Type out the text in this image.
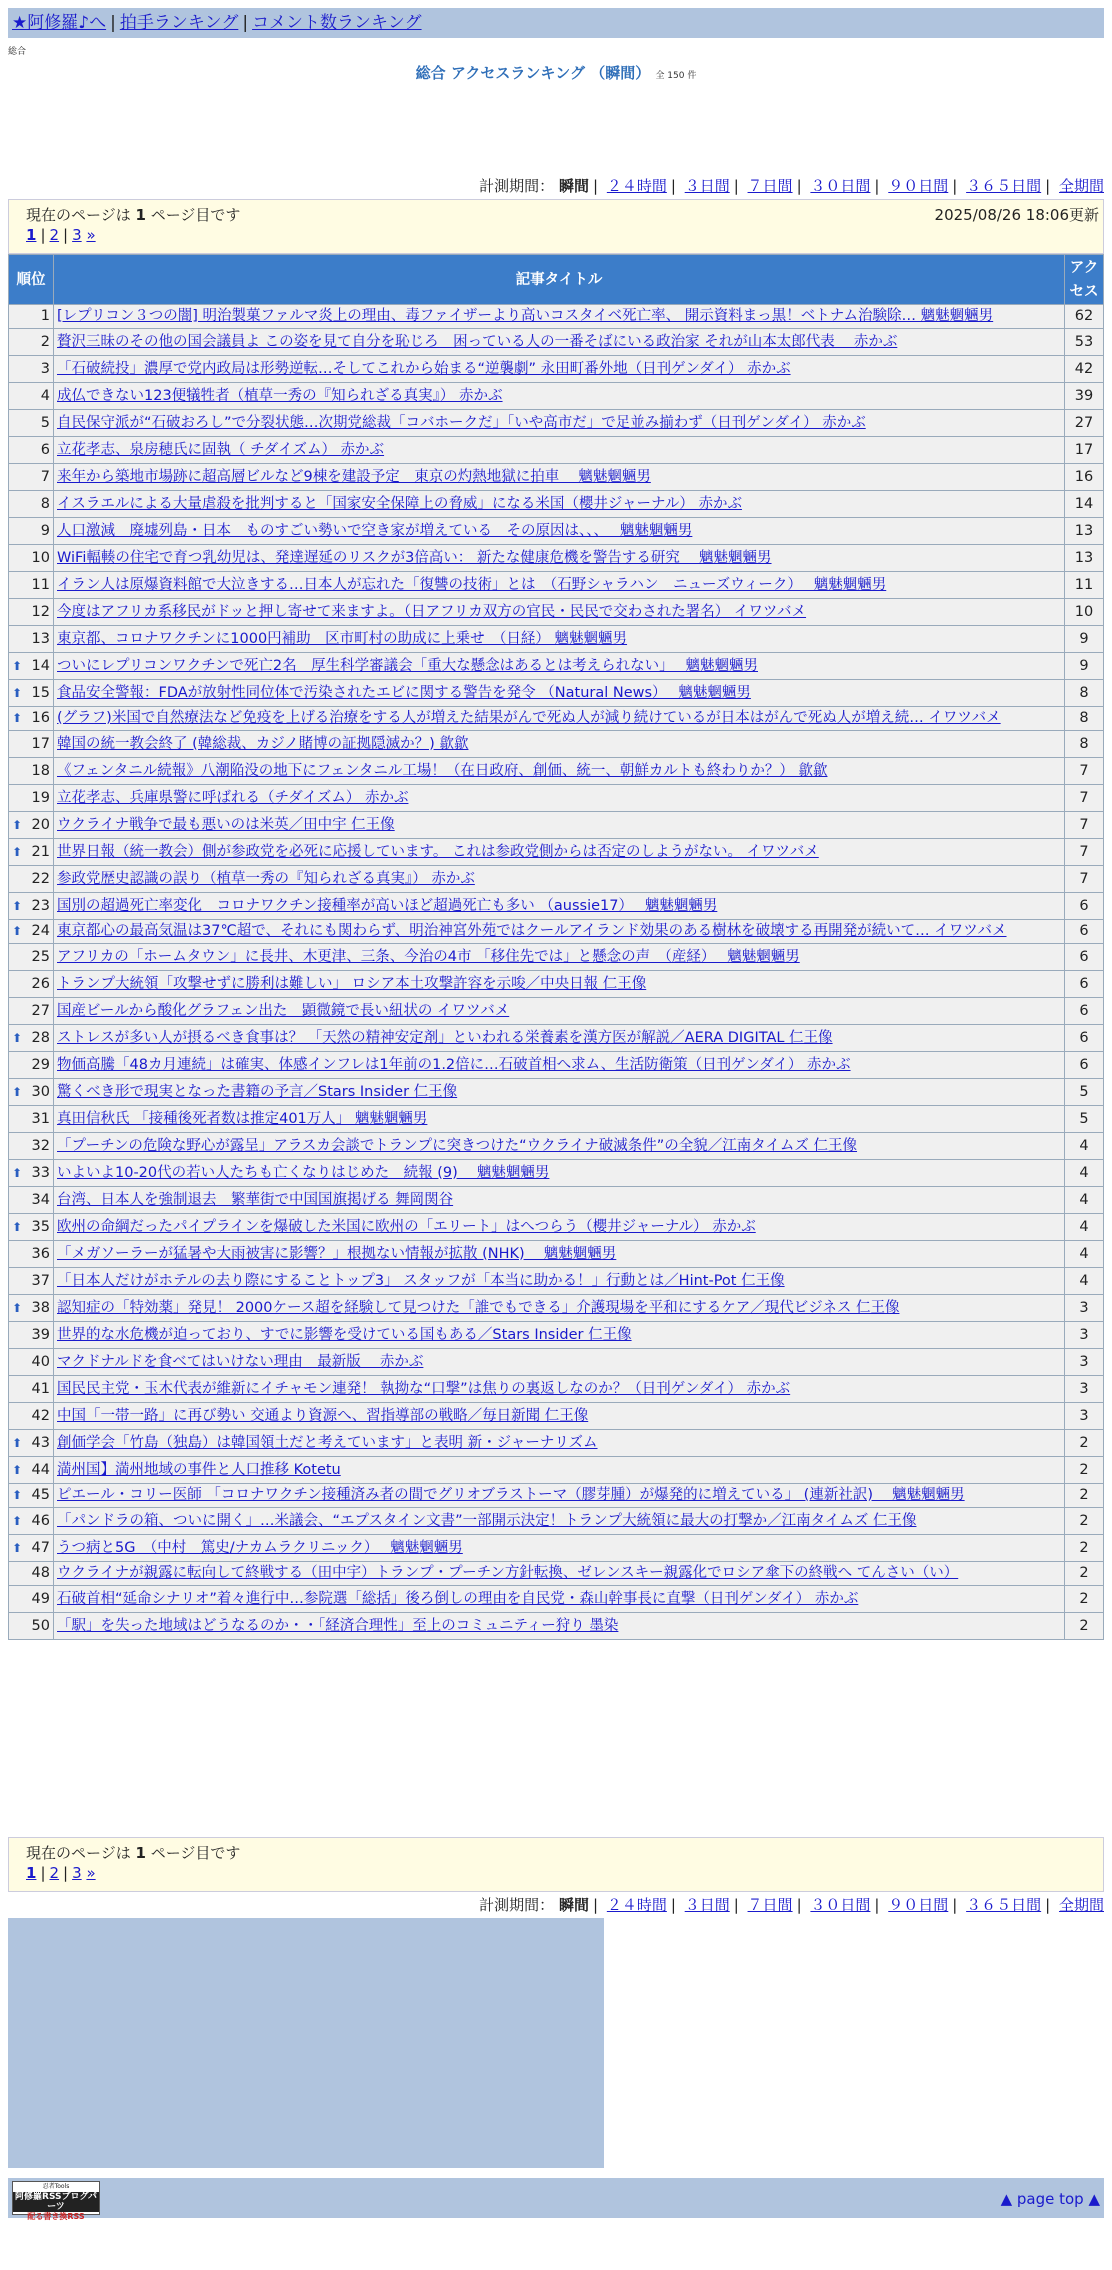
★阿修羅♪へ | 拍手ランキング | コメント数ランキング
総合
総合 アクセスランキング （瞬間） 全 150 件
計測期間： 瞬間 | ２４時間 | ３日間 | ７日間 | ３０日間 | ９０日間 | ３６５日間 | 全期間
現在のページは 1 ページ目です	2025/08/26 18:06更新
1 | 2 | 3 »
順位	記事タイトル	アクセス
1	[レプリコン３つの闇] 明治製菓ファルマ炎上の理由、毒ファイザーより高いコスタイベ死亡率、 開示資料まっ黒！ベトナム治験除… 魑魅魍魎男	62
2	贅沢三昧のその他の国会議員よ この姿を見て自分を恥じろ　困っている人の一番そばにいる政治家 それが山本太郎代表　 赤かぶ	53
3	「石破続投」濃厚で党内政局は形勢逆転…そしてこれから始まる“逆襲劇” 永田町番外地（日刊ゲンダイ） 赤かぶ	42
4	成仏できない123便犠牲者（植草一秀の『知られざる真実』） 赤かぶ	39
5	自民保守派が“石破おろし”で分裂状態…次期党総裁「コバホークだ」「いや高市だ」で足並み揃わず（日刊ゲンダイ） 赤かぶ	27
6	立花孝志、泉房穂氏に固執（ チダイズム） 赤かぶ	17
7	来年から築地市場跡に超高層ビルなど9棟を建設予定　東京の灼熱地獄に拍車　 魑魅魍魎男	16
8	イスラエルによる大量虐殺を批判すると「国家安全保障上の脅威」になる米国（櫻井ジャーナル） 赤かぶ	14
9	人口激減　廃墟列島・日本　ものすごい勢いで空き家が増えている　その原因は、、、　 魑魅魍魎男	13
10	WiFi輻輳の住宅で育つ乳幼児は、発達遅延のリスクが3倍高い： 新たな健康危機を警告する研究　 魑魅魍魎男	13
11	イラン人は原爆資料館で大泣きする…日本人が忘れた「復讐の技術」とは　（石野シャラハン　ニューズウィーク）　 魑魅魍魎男	11
12	今度はアフリカ系移民がドッと押し寄せて来ますよ。（日アフリカ双方の官民・民民で交わされた署名） イワツバメ	10
13	東京都、コロナワクチンに1000円補助　区市町村の助成に上乗せ　（日経） 魑魅魍魎男	9

⬆ 14	ついにレプリコンワクチンで死亡2名　厚生科学審議会「重大な懸念はあるとは考えられない」　 魑魅魍魎男	9

⬆ 15	食品安全警報：FDAが放射性同位体で汚染されたエビに関する警告を発令 （Natural News）　 魑魅魍魎男	8

⬆ 16	(グラフ)米国で自然療法など免疫を上げる治療をする人が増えた結果がんで死ぬ人が減り続けているが日本はがんで死ぬ人が増え続… イワツバメ	8
17	韓国の統一教会終了 (韓総裁、カジノ賭博の証拠隠滅か？) 歙歙	8
18	《フェンタニル続報》八潮陥没の地下にフェンタニル工場！（在日政府、創価、統一、朝鮮カルトも終わりか？） 歙歙	7
19	立花孝志、兵庫県警に呼ばれる（チダイズム） 赤かぶ	7

⬆ 20	ウクライナ戦争で最も悪いのは米英／田中宇 仁王像	7

⬆ 21	世界日報（統一教会）側が参政党を必死に応援しています。 これは参政党側からは否定のしようがない。 イワツバメ	7
22	参政党歴史認識の誤り（植草一秀の『知られざる真実』） 赤かぶ	7

⬆ 23	国別の超過死亡率変化　コロナワクチン接種率が高いほど超過死亡も多い （aussie17）　 魑魅魍魎男	6

⬆ 24	東京都心の最高気温は37℃超で、それにも関わらず、明治神宮外苑ではクールアイランド効果のある樹林を破壊する再開発が続いて… イワツバメ	6
25	アフリカの「ホームタウン」に長井、木更津、三条、今治の4市 「移住先では」と懸念の声　（産経）　 魑魅魍魎男	6
26	トランプ大統領「攻撃せずに勝利は難しい」 ロシア本土攻撃許容を示唆／中央日報 仁王像	6
27	国産ビールから酸化グラフェン出た　顕微鏡で長い紐状の イワツバメ	6

⬆ 28	ストレスが多い人が摂るべき食事は？ 「天然の精神安定剤」といわれる栄養素を漢方医が解説／AERA DIGITAL 仁王像	6
29	物価高騰「48カ月連続」は確実、体感インフレは1年前の1.2倍に…石破首相へ求ム、生活防衛策（日刊ゲンダイ） 赤かぶ	6

⬆ 30	驚くべき形で現実となった書籍の予言／Stars Insider 仁王像	5
31	真田信秋氏 「接種後死者数は推定401万人」 魑魅魍魎男	5
32	「プーチンの危険な野心が露呈」アラスカ会談でトランプに突きつけた“ウクライナ破滅条件”の全貌／江南タイムズ 仁王像	4

⬆ 33	いよいよ10-20代の若い人たちも亡くなりはじめた　続報 (9)　 魑魅魍魎男	4
34	台湾、日本人を強制退去　繁華街で中国国旗掲げる 舞岡関谷	4

⬆ 35	欧州の命綱だったパイプラインを爆破した米国に欧州の「エリート」はへつらう（櫻井ジャーナル） 赤かぶ	4
36	「メガソーラーが猛暑や大雨被害に影響？」根拠ない情報が拡散 (NHK)　 魑魅魍魎男	4
37	「日本人だけがホテルの去り際にすることトップ3」 スタッフが「本当に助かる！」行動とは／Hint-Pot 仁王像	4

⬆ 38	認知症の「特効薬」発見！ 2000ケース超を経験して見つけた「誰でもできる」介護現場を平和にするケア／現代ビジネス 仁王像	3
39	世界的な水危機が迫っており、すでに影響を受けている国もある／Stars Insider 仁王像	3
40	マクドナルドを食べてはいけない理由　最新版　 赤かぶ	3
41	国民民主党・玉木代表が維新にイチャモン連発！ 執拗な“口撃”は焦りの裏返しなのか？（日刊ゲンダイ） 赤かぶ	3
42	中国「一帯一路」に再び勢い 交通より資源へ、習指導部の戦略／毎日新聞 仁王像	3

⬆ 43	創価学会「竹島（独島）は韓国領土だと考えています」と表明 新・ジャーナリズム	2

⬆ 44	満州国】満州地域の事件と人口推移 Kotetu	2

⬆ 45	ピエール・コリー医師 「コロナワクチン接種済み者の間でグリオブラストーマ（膠芽腫）が爆発的に増えている」 (連新社訳)　 魑魅魍魎男	2

⬆ 46	「パンドラの箱、ついに開く」…米議会、“エプスタイン文書”一部開示決定！トランプ大統領に最大の打撃か／江南タイムズ 仁王像	2

⬆ 47	うつ病と5G　（中村　篤史/ナカムラクリニック）　 魑魅魍魎男	2
48	ウクライナが親露に転向して終戦する（田中宇）トランプ・プーチン方針転換、ゼレンスキー親露化でロシア傘下の終戦へ てんさい（い）	2
49	石破首相“延命シナリオ”着々進行中…参院選「総括」後ろ倒しの理由を自民党・森山幹事長に直撃（日刊ゲンダイ） 赤かぶ	2
50	「駅」を失った地域はどうなるのか・・「経済合理性」至上のコミュニティー狩り 墨染	2
計測期間： 瞬間 | ２４時間 | ３日間 | ７日間 | ３０日間 | ９０日間 | ３６５日間 | 全期間
現在のページは 1 ページ目です
1 | 2 | 3 »
忍者Tools
阿修羅RSSブログパーツ
配る書き換RSS
▲ page top ▲
